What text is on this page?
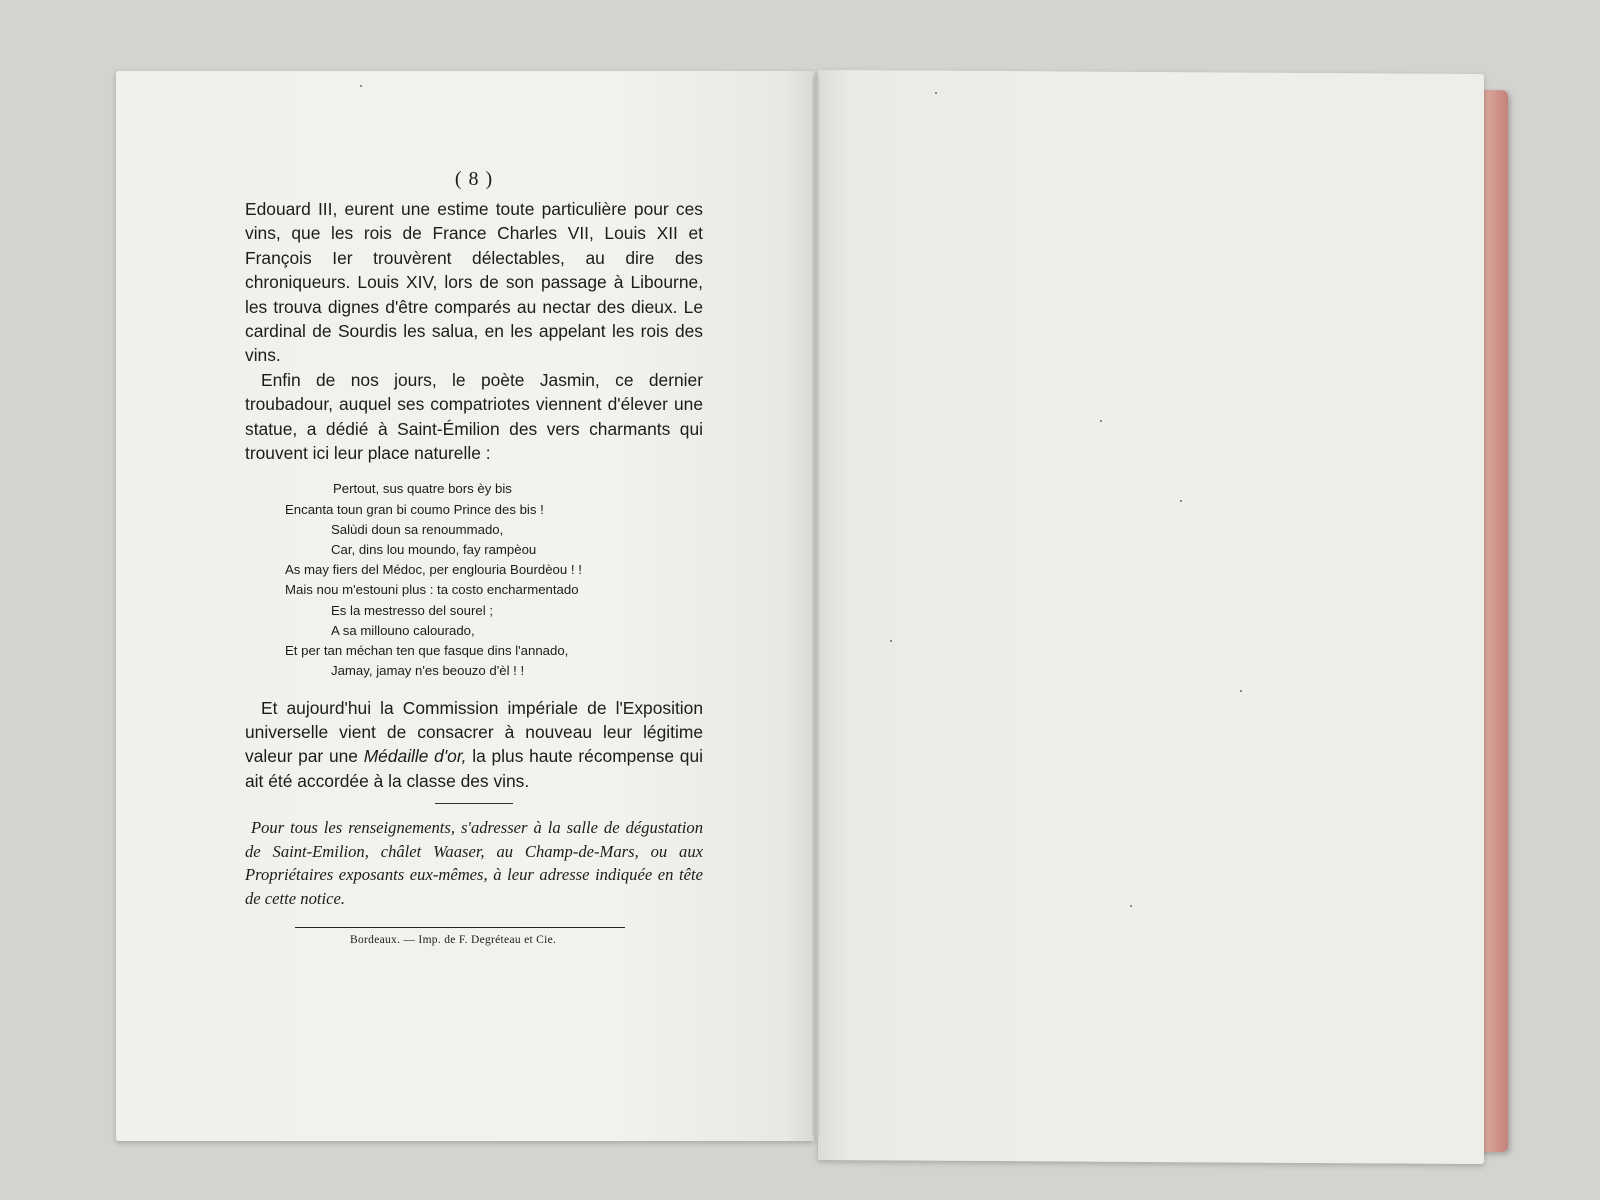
( 8 )

Edouard III, eurent une estime toute particulière pour ces vins, que les rois de France Charles VII, Louis XII et François Ier trouvèrent délectables, au dire des chroniqueurs. Louis XIV, lors de son passage à Libourne, les trouva dignes d'être comparés au nectar des dieux. Le cardinal de Sourdis les salua, en les appelant les rois des vins.

Enfin de nos jours, le poète Jasmin, ce dernier troubadour, auquel ses compatriotes viennent d'élever une statue, a dédié à Saint-Émilion des vers charmants qui trouvent ici leur place naturelle :

Pertout, sus quatre bors èy bis
Encanta toun gran bi coumo Prince des bis !
Salùdi doun sa renoummado,
Car, dins lou moundo, fay rampèou
As may fiers del Médoc, per englouria Bourdèou ! !
Mais nou m'estouni plus : ta costo encharmentado
Es la mestresso del sourel ;
A sa millouno calourado,
Et per tan méchan ten que fasque dins l'annado,
Jamay, jamay n'es beouzo d'èl ! !

Et aujourd'hui la Commission impériale de l'Exposition universelle vient de consacrer à nouveau leur légitime valeur par une Médaille d'or, la plus haute récompense qui ait été accordée à la classe des vins.

Pour tous les renseignements, s'adresser à la salle de dégustation de Saint-Emilion, châlet Waaser, au Champ-de-Mars, ou aux Propriétaires exposants eux-mêmes, à leur adresse indiquée en tête de cette notice.

Bordeaux. — Imp. de F. Degréteau et Cie.
